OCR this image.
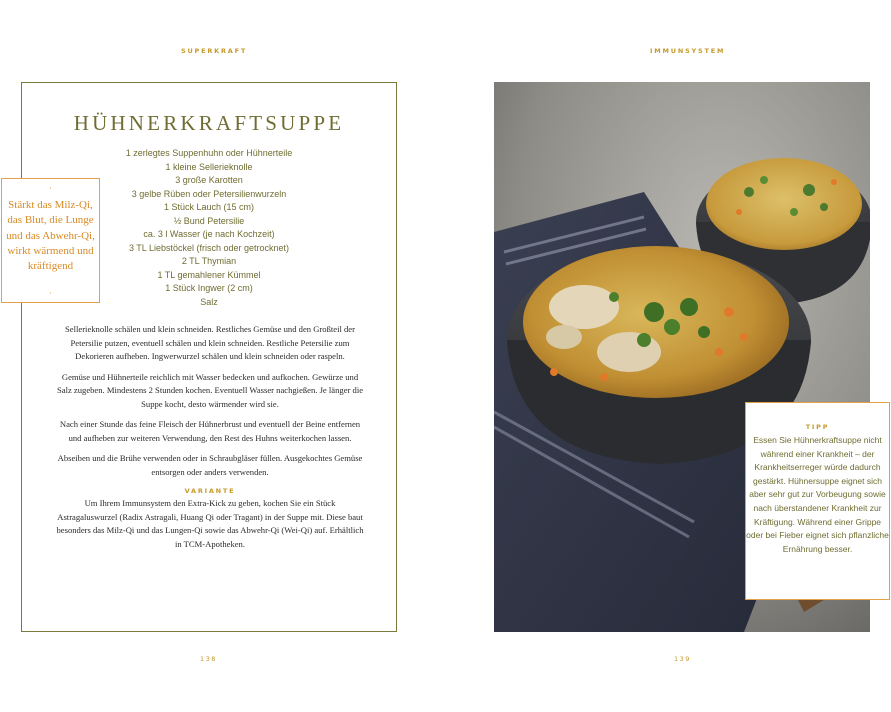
SUPERKRAFT	IMMUNSYSTEM
HÜHNERKRAFTSUPPE
1 zerlegtes Suppenhuhn oder Hühnerteile
1 kleine Sellerieknolle
3 große Karotten
3 gelbe Rüben oder Petersilienwurzeln
1 Stück Lauch (15 cm)
½ Bund Petersilie
ca. 3 l Wasser (je nach Kochzeit)
3 TL Liebstöckel (frisch oder getrocknet)
2 TL Thymian
1 TL gemahlener Kümmel
1 Stück Ingwer (2 cm)
Salz

Sellerieknolle schälen und klein schneiden. Restliches Gemüse und den Großteil der Petersilie putzen, eventuell schälen und klein schneiden. Restliche Petersilie zum Dekorieren aufheben. Ingwerwurzel schälen und klein schneiden oder raspeln.

Gemüse und Hühnerteile reichlich mit Wasser bedecken und aufkochen. Gewürze und Salz zugeben. Mindestens 2 Stunden kochen. Eventuell Wasser nachgießen. Je länger die Suppe kocht, desto wärmender wird sie.

Nach einer Stunde das feine Fleisch der Hühnerbrust und eventuell der Beine entfernen und aufheben zur weiteren Verwendung, den Rest des Huhns weiterkochen lassen.

Abseiben und die Brühe verwenden oder in Schraubgläser füllen. Ausgekochtes Gemüse entsorgen oder anders verwenden.

VARIANTE

Um Ihrem Immunsystem den Extra-Kick zu geben, kochen Sie ein Stück Astragaluswurzel (Radix Astragali, Huang Qi oder Tragant) in der Suppe mit. Diese baut besonders das Milz-Qi und das Lungen-Qi sowie das Abwehr-Qi (Wei-Qi) auf. Erhältlich in TCM-Apotheken.

·
Stärkt das Milz-Qi, das Blut, die Lunge und das Abwehr-Qi, wirkt wärmend und kräftigend
·
TIPP
Essen Sie Hühnerkraftsuppe nicht während einer Krankheit – der Krankheitserreger würde dadurch gestärkt. Hühnersuppe eignet sich aber sehr gut zur Vorbeugung sowie nach überstandener Krankheit zur Kräftigung. Während einer Grippe oder bei Fieber eignet sich pflanzliche Ernährung besser.
138	139
